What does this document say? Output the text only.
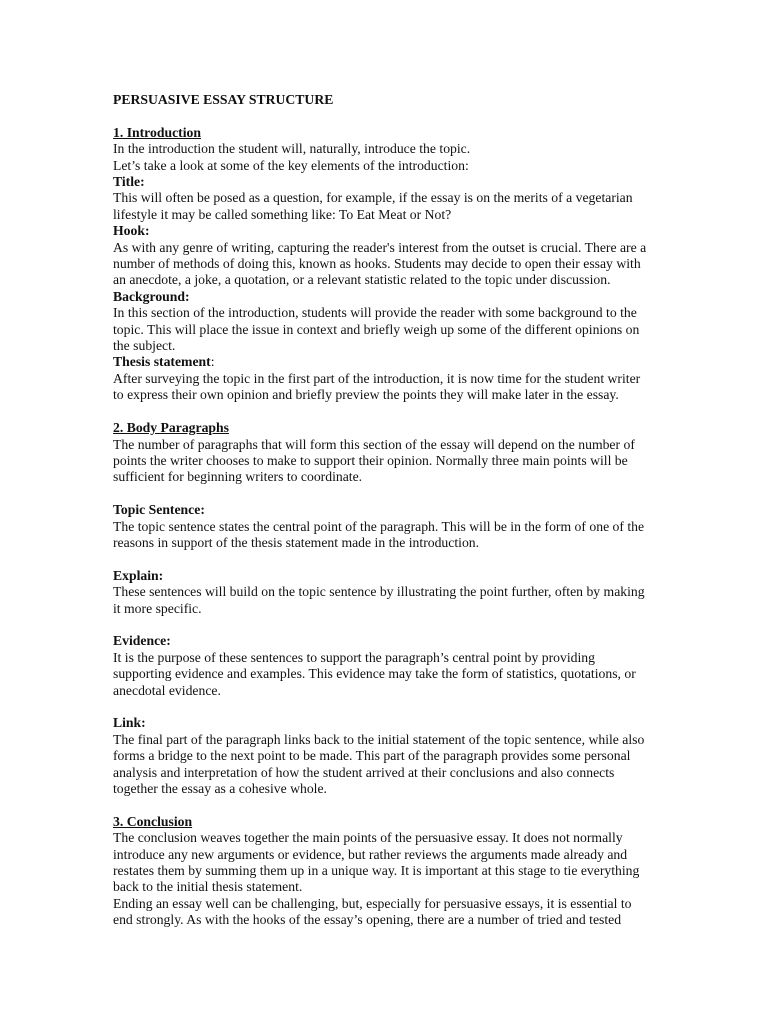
PERSUASIVE ESSAY STRUCTURE
1. Introduction
In the introduction the student will, naturally, introduce the topic.
Let’s take a look at some of the key elements of the introduction:
Title:
This will often be posed as a question, for example, if the essay is on the merits of a vegetarian
lifestyle it may be called something like: To Eat Meat or Not?
Hook:
As with any genre of writing, capturing the reader's interest from the outset is crucial. There are a
number of methods of doing this, known as hooks. Students may decide to open their essay with
an anecdote, a joke, a quotation, or a relevant statistic related to the topic under discussion.
Background:
In this section of the introduction, students will provide the reader with some background to the
topic. This will place the issue in context and briefly weigh up some of the different opinions on
the subject.
Thesis statement:
After surveying the topic in the first part of the introduction, it is now time for the student writer
to express their own opinion and briefly preview the points they will make later in the essay.
2. Body Paragraphs
The number of paragraphs that will form this section of the essay will depend on the number of
points the writer chooses to make to support their opinion. Normally three main points will be
sufficient for beginning writers to coordinate.
Topic Sentence:
The topic sentence states the central point of the paragraph. This will be in the form of one of the
reasons in support of the thesis statement made in the introduction.
Explain:
These sentences will build on the topic sentence by illustrating the point further, often by making
it more specific.
Evidence:
It is the purpose of these sentences to support the paragraph’s central point by providing
supporting evidence and examples. This evidence may take the form of statistics, quotations, or
anecdotal evidence.
Link:
The final part of the paragraph links back to the initial statement of the topic sentence, while also
forms a bridge to the next point to be made. This part of the paragraph provides some personal
analysis and interpretation of how the student arrived at their conclusions and also connects
together the essay as a cohesive whole.
3. Conclusion
The conclusion weaves together the main points of the persuasive essay. It does not normally
introduce any new arguments or evidence, but rather reviews the arguments made already and
restates them by summing them up in a unique way. It is important at this stage to tie everything
back to the initial thesis statement.
Ending an essay well can be challenging, but, especially for persuasive essays, it is essential to
end strongly. As with the hooks of the essay’s opening, there are a number of tried and tested
